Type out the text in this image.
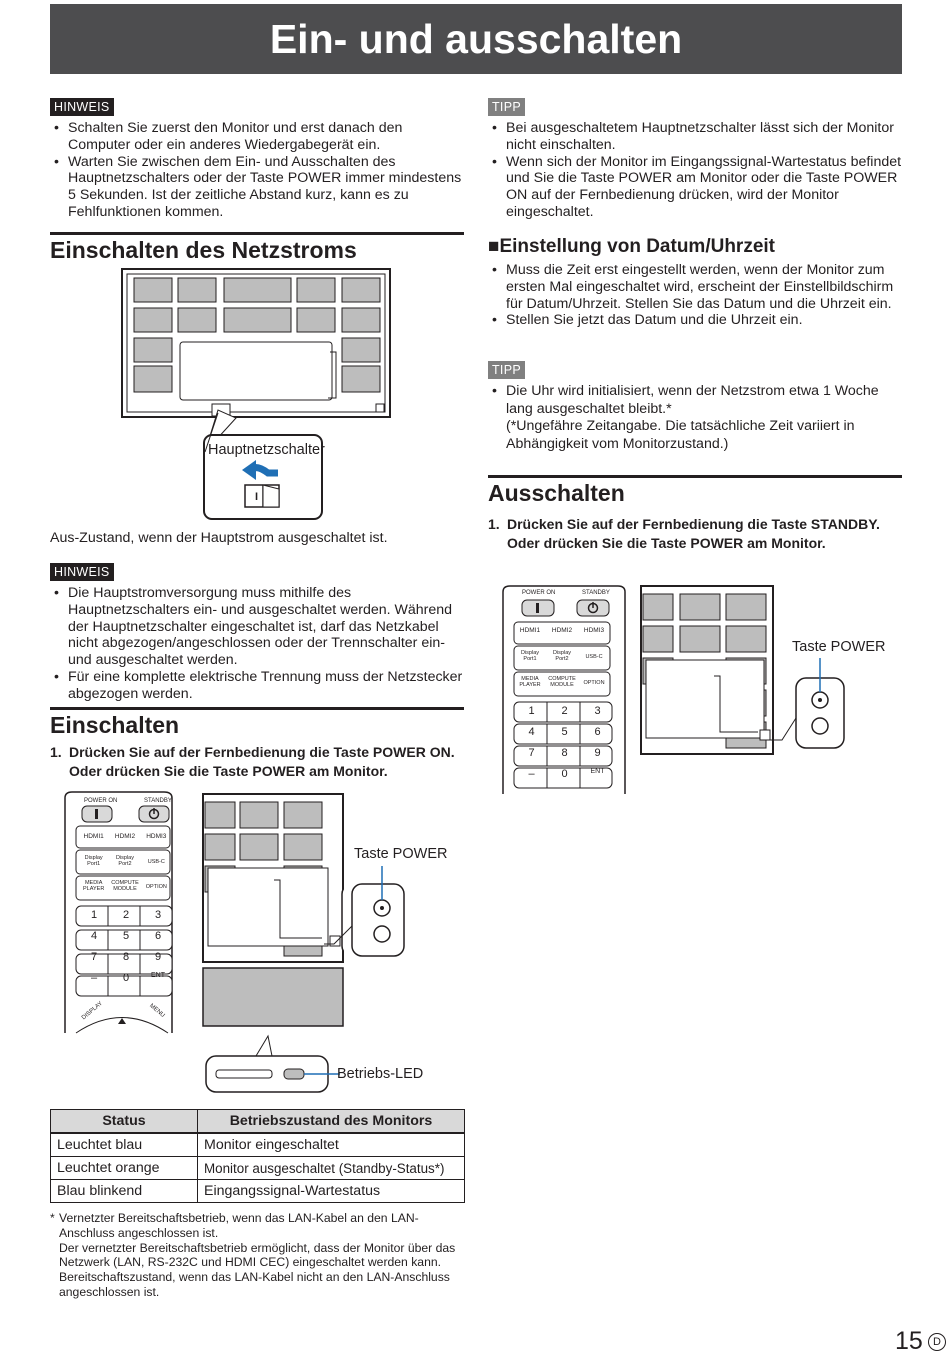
Ein- und ausschalten
HINWEIS
• Schalten Sie zuerst den Monitor und erst danach den Computer oder ein anderes Wiedergabegerät ein.
• Warten Sie zwischen dem Ein- und Ausschalten des Hauptnetzschalters oder der Taste POWER immer mindestens 5 Sekunden. Ist der zeitliche Abstand kurz, kann es zu Fehlfunktionen kommen.
Einschalten des Netzstroms
Hauptnetzschalter
I
Aus-Zustand, wenn der Hauptstrom ausgeschaltet ist.
HINWEIS
• Die Hauptstromversorgung muss mithilfe des Hauptnetzschalters ein- und ausgeschaltet werden. Während der Hauptnetzschalter eingeschaltet ist, darf das Netzkabel nicht abgezogen/angeschlossen oder der Trennschalter ein- und ausgeschaltet werden.
• Für eine komplette elektrische Trennung muss der Netzstecker abgezogen werden.
Einschalten
1. Drücken Sie auf der Fernbedienung die Taste POWER ON. Oder drücken Sie die Taste POWER am Monitor.
POWER ON	STANDBY
HDMI1 HDMI2 HDMI3
Display Port1
Display Port2	USB-C
MEDIA PLAYER
COMPUTE MODULE	OPTION
1	2	3
4	5	6
7	8	9
–	0	ENT
DISPLAY	MENU
Taste POWER
Betriebs-LED
Status	Betriebszustand des Monitors
Leuchtet blau	Monitor eingeschaltet
Leuchtet orange	Monitor ausgeschaltet (Standby-Status*)
Blau blinkend	Eingangssignal-Wartestatus
* Vernetzter Bereitschaftsbetrieb, wenn das LAN-Kabel an den LAN-Anschluss angeschlossen ist.
Der vernetzter Bereitschaftsbetrieb ermöglicht, dass der Monitor über das Netzwerk (LAN, RS-232C und HDMI CEC) eingeschaltet werden kann.
Bereitschaftszustand, wenn das LAN-Kabel nicht an den LAN-Anschluss angeschlossen ist.
TIPP
• Bei ausgeschaltetem Hauptnetzschalter lässt sich der Monitor nicht einschalten.
• Wenn sich der Monitor im Eingangssignal-Wartestatus befindet und Sie die Taste POWER am Monitor oder die Taste POWER ON auf der Fernbedienung drücken, wird der Monitor eingeschaltet.
■Einstellung von Datum/Uhrzeit
• Muss die Zeit erst eingestellt werden, wenn der Monitor zum ersten Mal eingeschaltet wird, erscheint der Einstellbildschirm für Datum/Uhrzeit. Stellen Sie das Datum und die Uhrzeit ein.
• Stellen Sie jetzt das Datum und die Uhrzeit ein.
TIPP
• Die Uhr wird initialisiert, wenn der Netzstrom etwa 1 Woche lang ausgeschaltet bleibt.*
(*Ungefähre Zeitangabe. Die tatsächliche Zeit variiert in Abhängigkeit vom Monitorzustand.)
Ausschalten
1. Drücken Sie auf der Fernbedienung die Taste STANDBY. Oder drücken Sie die Taste POWER am Monitor.
POWER ON	STANDBY
HDMI1 HDMI2 HDMI3
Display Port1
Display Port2	USB-C
MEDIA PLAYER
COMPUTE MODULE	OPTION
1	2	3
4	5	6
7	8	9
–	0	ENT
Taste POWER
15 D
